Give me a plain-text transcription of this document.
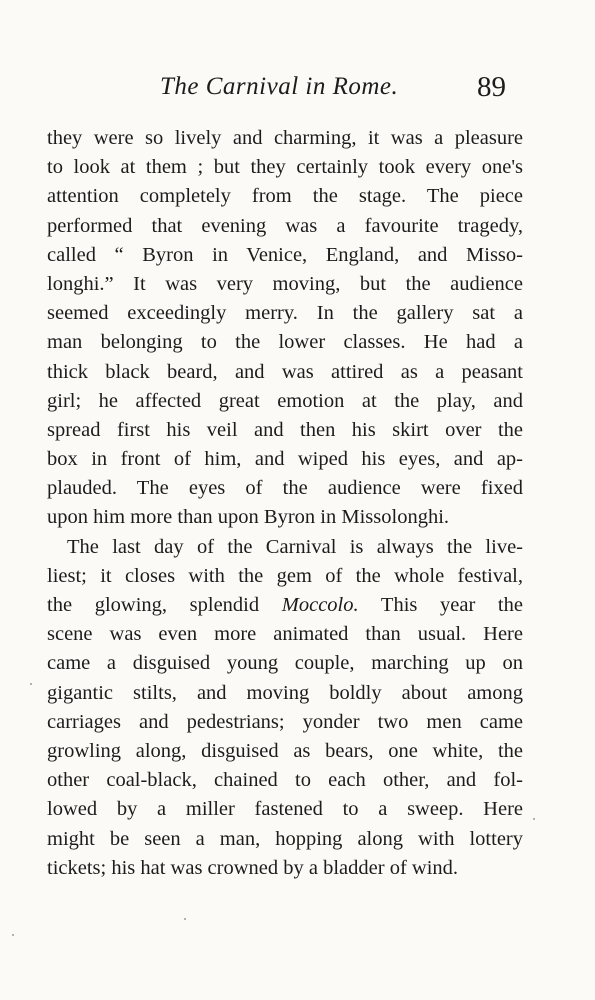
The Carnival in Rome.	89
they were so lively and charming, it was a pleasure
to look at them ; but they certainly took every one's
attention completely from the stage. The piece
performed that evening was a favourite tragedy,
called “ Byron in Venice, England, and Misso-
longhi.” It was very moving, but the audience
seemed exceedingly merry. In the gallery sat a
man belonging to the lower classes. He had a
thick black beard, and was attired as a peasant
girl; he affected great emotion at the play, and
spread first his veil and then his skirt over the
box in front of him, and wiped his eyes, and ap-
plauded. The eyes of the audience were fixed
upon him more than upon Byron in Missolonghi.
The last day of the Carnival is always the live-
liest; it closes with the gem of the whole festival,
the glowing, splendid Moccolo. This year the
scene was even more animated than usual. Here
came a disguised young couple, marching up on
gigantic stilts, and moving boldly about among
carriages and pedestrians; yonder two men came
growling along, disguised as bears, one white, the
other coal-black, chained to each other, and fol-
lowed by a miller fastened to a sweep. Here
might be seen a man, hopping along with lottery
tickets; his hat was crowned by a bladder of wind.
